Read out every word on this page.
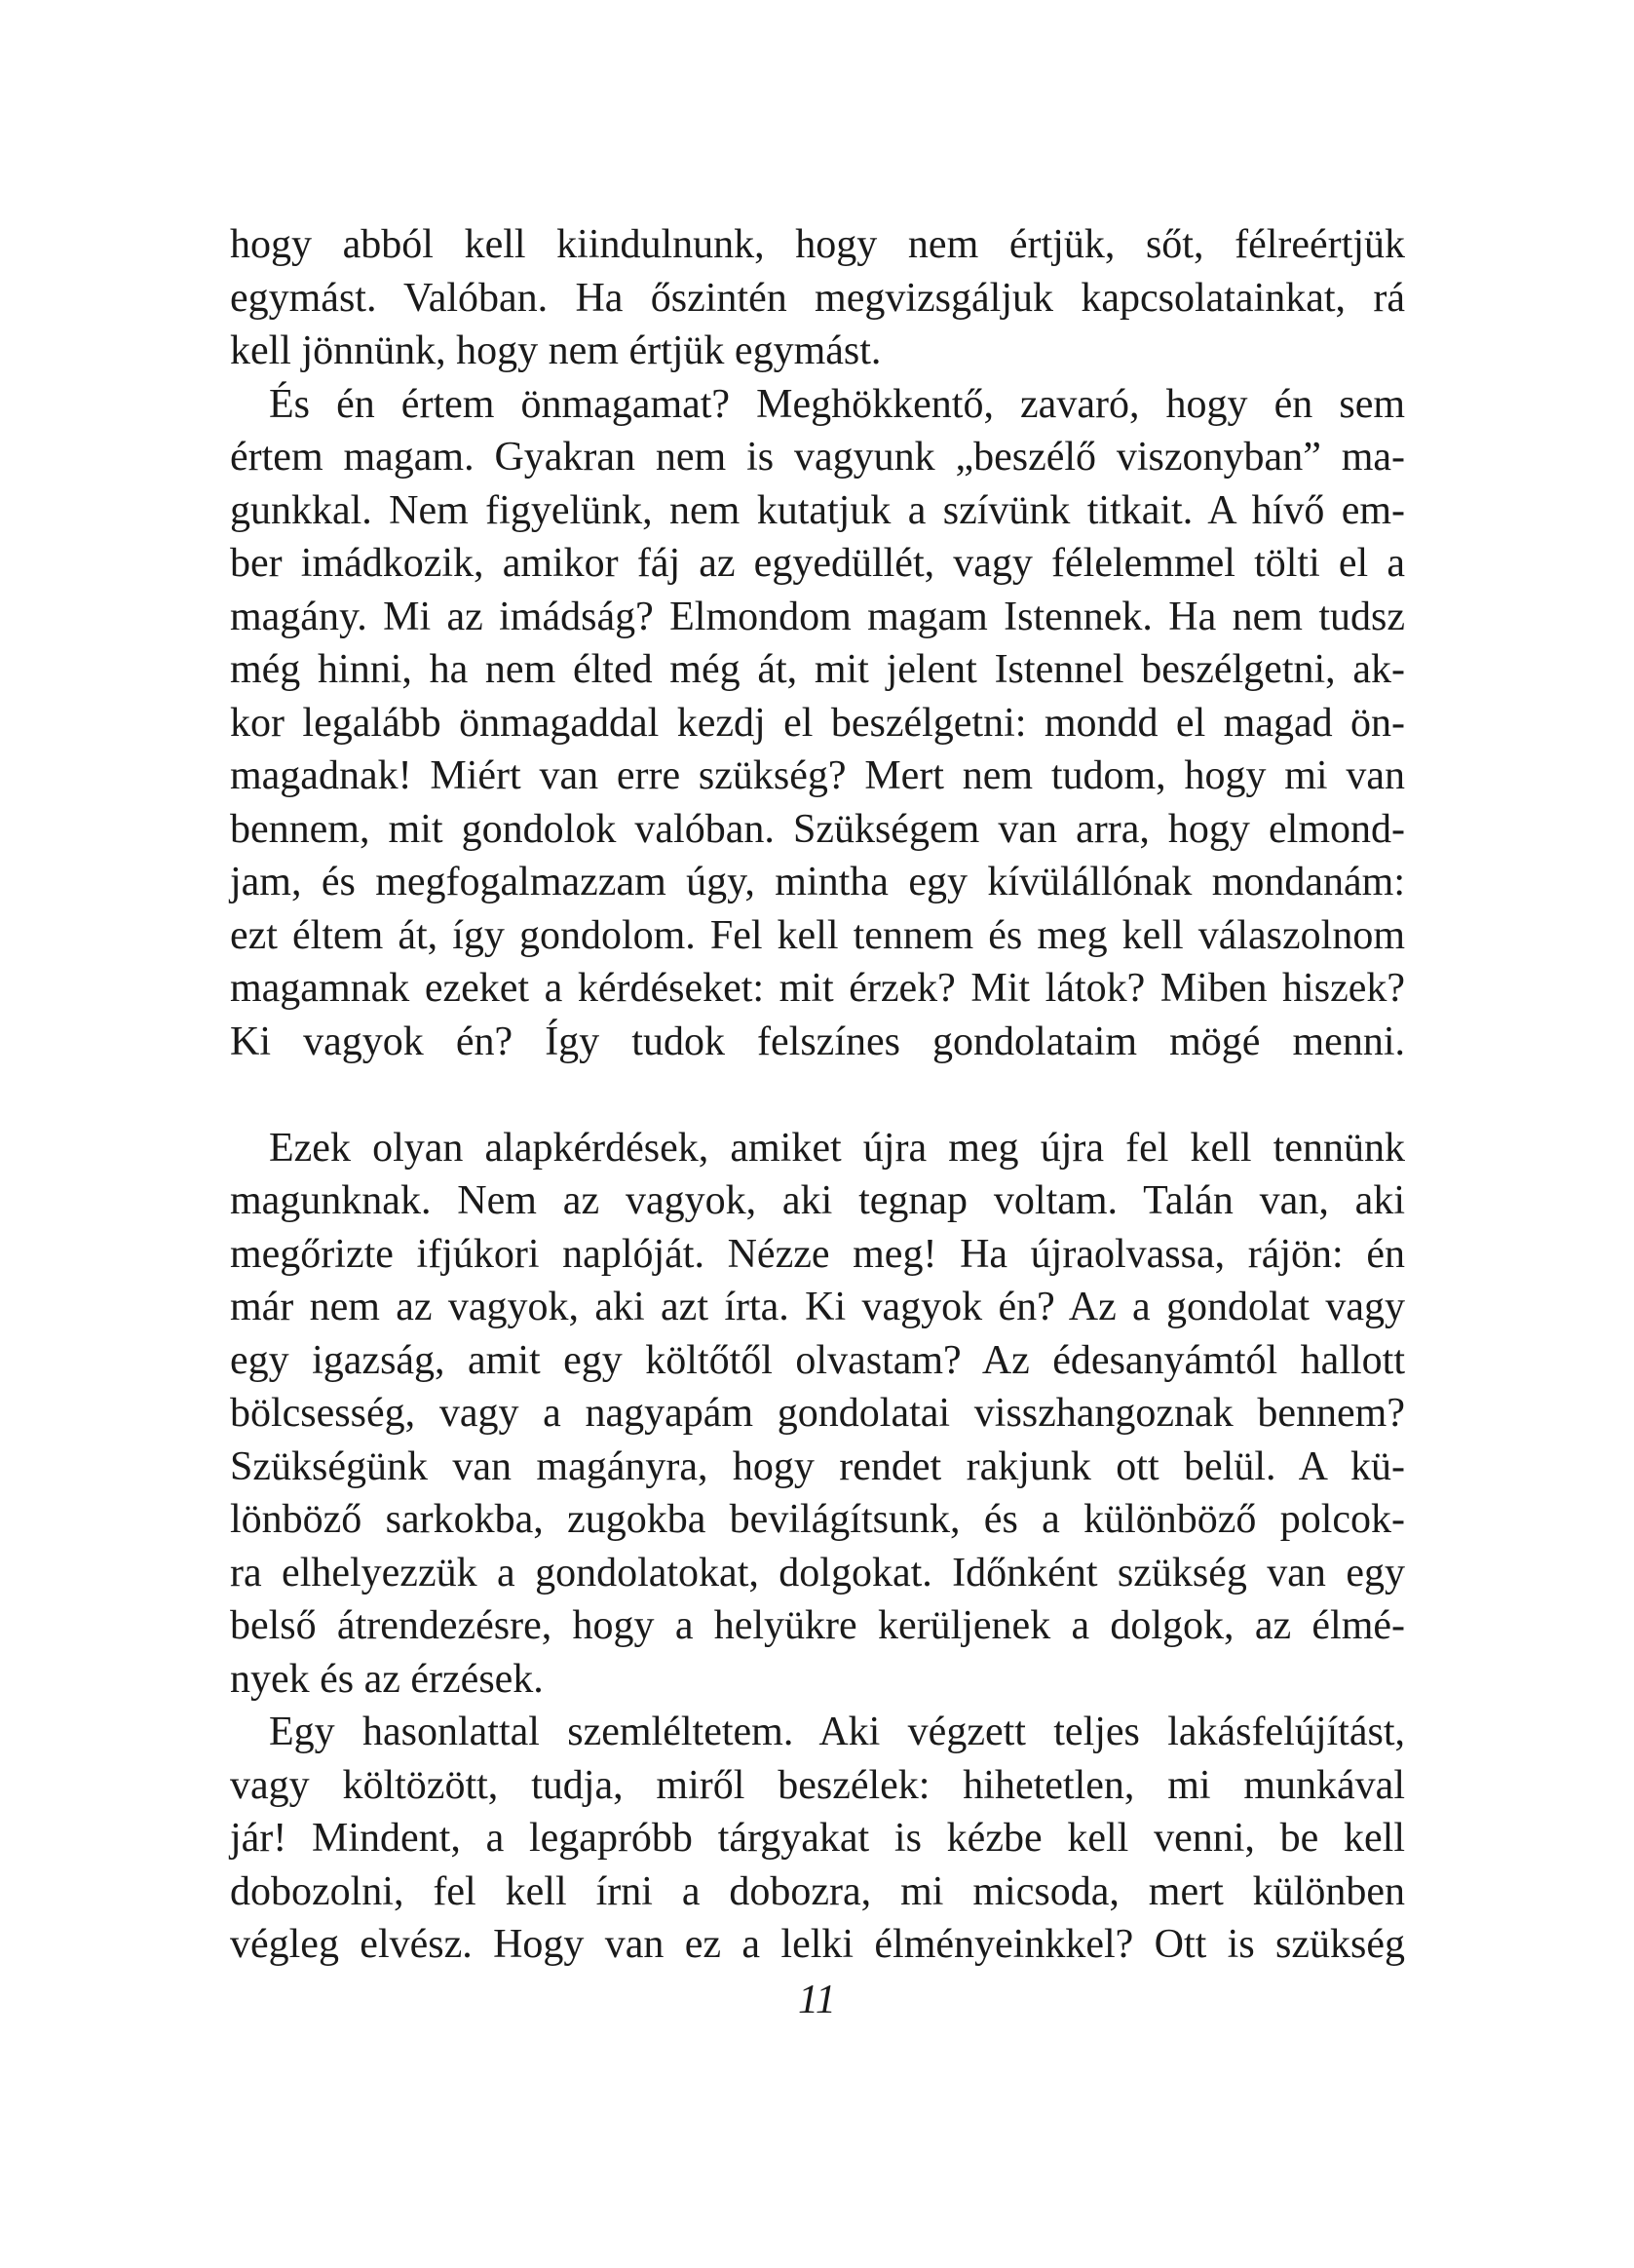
hogy abból kell kiindulnunk, hogy nem értjük, sőt, félreértjük
egymást. Valóban. Ha őszintén megvizsgáljuk kapcsolatainkat, rá
kell jönnünk, hogy nem értjük egymást.
És én értem önmagamat? Meghökkentő, zavaró, hogy én sem
értem magam. Gyakran nem is vagyunk „beszélő viszonyban” ma-
gunkkal. Nem figyelünk, nem kutatjuk a szívünk titkait. A hívő em-
ber imádkozik, amikor fáj az egyedüllét, vagy félelemmel tölti el a
magány. Mi az imádság? Elmondom magam Istennek. Ha nem tudsz
még hinni, ha nem élted még át, mit jelent Istennel beszélgetni, ak-
kor legalább önmagaddal kezdj el beszélgetni: mondd el magad ön-
magadnak! Miért van erre szükség? Mert nem tudom, hogy mi van
bennem, mit gondolok valóban. Szükségem van arra, hogy elmond-
jam, és megfogalmazzam úgy, mintha egy kívülállónak mondanám:
ezt éltem át, így gondolom. Fel kell tennem és meg kell válaszolnom
magamnak ezeket a kérdéseket: mit érzek? Mit látok? Miben hiszek?
Ki vagyok én? Így tudok felszínes gondolataim mögé menni.
Ezek olyan alapkérdések, amiket újra meg újra fel kell tennünk
magunknak. Nem az vagyok, aki tegnap voltam. Talán van, aki
megőrizte ifjúkori naplóját. Nézze meg! Ha újraolvassa, rájön: én
már nem az vagyok, aki azt írta. Ki vagyok én? Az a gondolat vagy
egy igazság, amit egy költőtől olvastam? Az édesanyámtól hallott
bölcsesség, vagy a nagyapám gondolatai visszhangoznak bennem?
Szükségünk van magányra, hogy rendet rakjunk ott belül. A kü-
lönböző sarkokba, zugokba bevilágítsunk, és a különböző polcok-
ra elhelyezzük a gondolatokat, dolgokat. Időnként szükség van egy
belső átrendezésre, hogy a helyükre kerüljenek a dolgok, az élmé-
nyek és az érzések.
Egy hasonlattal szemléltetem. Aki végzett teljes lakásfelújítást,
vagy költözött, tudja, miről beszélek: hihetetlen, mi munkával
jár! Mindent, a legapróbb tárgyakat is kézbe kell venni, be kell
dobozolni, fel kell írni a dobozra, mi micsoda, mert különben
végleg elvész. Hogy van ez a lelki élményeinkkel? Ott is szükség
11
